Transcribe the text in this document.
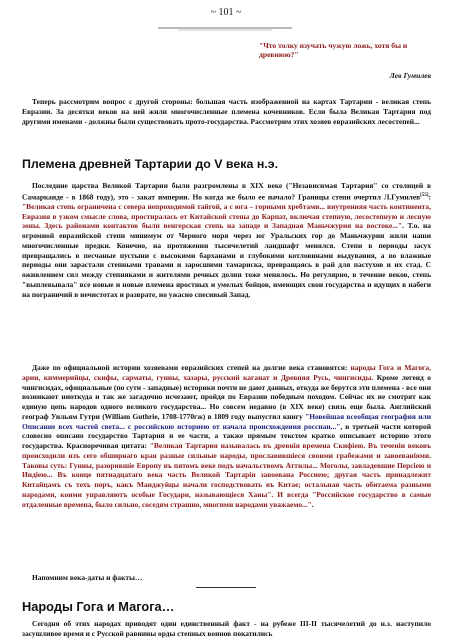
~ 101 ~
"Что толку изучать чужую ложь, хотя бы и древнюю?"
Лев Гумилев

Теперь рассмотрим вопрос с другой стороны: большая часть изображенной на картах Тартарии - великая степь Евразии. За десятки веков на ней жили многочисленные племена кочевников. Если была Великая Тартария под другими именами - должны были существовать прото-государства. Рассмотрим этих хозяев евразийских лесостепей...

Племена древней Тартарии до V века н.э.

Последние царства Великой Тартарии были разгромлены в XIX веке ("Независимая Тартария" со столицей в Самарканде - в 1868 году), это - закат империи. Но когда же было ее начало? Границы степи очертил Л.Гумилев[55]: "Великая степь ограничена с севера непроходимой тайгой, а с юга – горными хребтами... внутренняя часть континента, Евразия в узком смысле слова, простиралась от Китайской стены до Карпат, включая степную, лесостепную и лесную зоны. Здесь районами контактов были венгерская степь на западе и Западная Маньчжурия на востоке...". Т.о. на огромной евразийской степи минимум от Черного моря через юг Уральских гор до Маньчжурии жили наши многочисленные предки. Конечно, на протяжении тысячелетий ландшафт менялся. Степи в периоды засух превращались в песчаные пустыни с высокими барханами и глубокими котловинами выдувания, а во влажные периоды они зарастали степными травами и заросшими тамариска, превращаясь в рай для пастухов и их стад. С оживлением сил между степняками и жителями речных долин тоже менялось. Но регулярно, в течение веков, степь "выплевывала" все новые и новые племена яростных и умелых бойцов, имеющих свои государства и идущих в набеги на пограничий в нечистотах и разврате, но ужасно спесивый Запад.

Даже по официальной истории хозяевами евразийских степей на долгие века становятся: народы Гога и Магога, арии, киммерийцы, скифы, сарматы, гунны, хазары, русский каганат и Древняя Русь, чингисиды. Кроме легенд о чингисидах, официальные (по сути - западные) историки почти не дают данных, откуда же берутся эти племена - все они возникают ниоткуда и так же загадочно исчезают, пройдя по Евразии победным походом. Сейчас их не смотрят как единую цепь народов одного великого государства... Но совсем недавно (в XIX веке) связь еще была. Английский географ Уильям Гутри (William Guthrie, 1708-1770гж) в 1809 году выпустил книгу "Новейшая всеобщая география или Описание всех частей света... с российскою историею от начала происхождения россиан...", в третьей части которой словесно описано государство Тартария и ее части, а также прямым текстом кратко описывает историю этого государства. Красноречивая цитата: "Великая Тартария называлась въ древнія времена Скифіею. Въ теченіи вековъ происходили изъ сего обширнаго края разные сильные народы, прославившіеся своими грабежами и завоеваніями. Таковы суть: Гунны, разорившіе Европу въ пятомъ веке подъ начальствомъ Аттилы... Моголы, завладевшие Персіею и Индіею... Въ конце пятнадцатаго века часть Великой Тартаріи завоевана Россиею; другая часть принадлежит Китайцамъ съ техъ поръ, какъ Манджуйцы начали господствовать въ Китае; остальная часть обитаема разными народами, коими управляютъ особые Государи, называющіеся Ханы". И всегда "Российское государство в самые отдаленные времена, было сильно, соседям страшно, многими народами уважаемо...".

Напомним века-даты и факты…

Народы Гога и Магога…

Сегодня об этих народах приводят один единственный факт - на рубеже III-II тысячелетий до н.э. наступило засушливое время и с Русской равнины орды степных воинов покатились
